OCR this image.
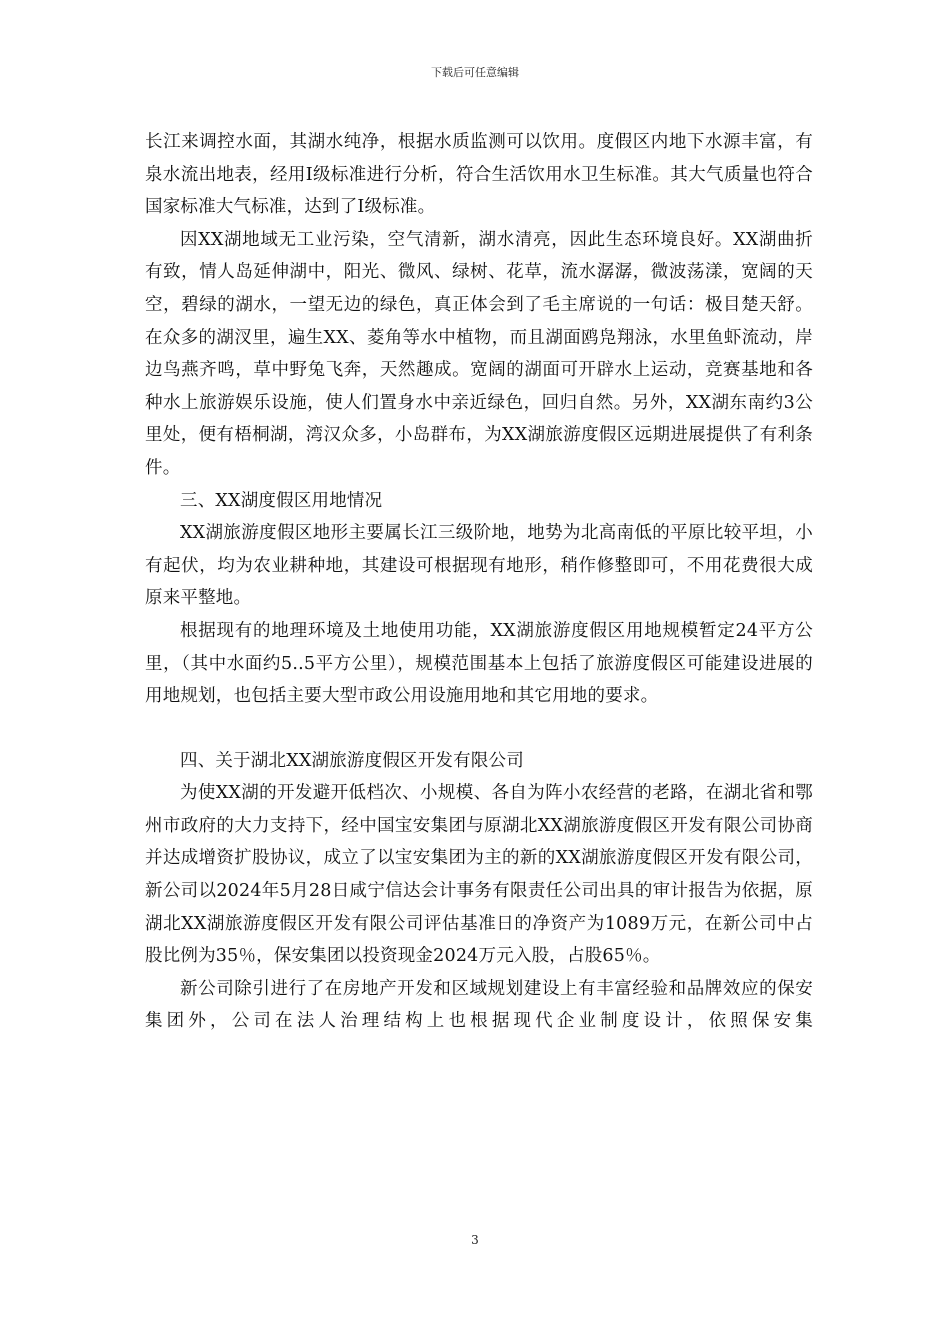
下载后可任意编辑

长江来调控水面，其湖水纯净，根据水质监测可以饮用。度假区内地下水源丰富，有泉水流出地表，经用Ⅰ级标准进行分析，符合生活饮用水卫生标准。其大气质量也符合国家标准大气标准，达到了Ⅰ级标准。

因XX湖地域无工业污染，空气清新，湖水清亮，因此生态环境良好。XX湖曲折有致，情人岛延伸湖中，阳光、微风、绿树、花草，流水潺潺，微波荡漾，宽阔的天空，碧绿的湖水，一望无边的绿色，真正体会到了毛主席说的一句话：极目楚天舒。在众多的湖汊里，遍生XX、菱角等水中植物，而且湖面鸥凫翔泳，水里鱼虾流动，岸边鸟燕齐鸣，草中野兔飞奔，天然趣成。宽阔的湖面可开辟水上运动，竞赛基地和各种水上旅游娱乐设施，使人们置身水中亲近绿色，回归自然。另外，XX湖东南约3公里处，便有梧桐湖，湾汉众多，小岛群布，为XX湖旅游度假区远期进展提供了有利条件。

三、XX湖度假区用地情况

XX湖旅游度假区地形主要属长江三级阶地，地势为北高南低的平原比较平坦，小有起伏，均为农业耕种地，其建设可根据现有地形，稍作修整即可，不用花费很大成原来平整地。

根据现有的地理环境及土地使用功能，XX湖旅游度假区用地规模暂定24平方公里，（其中水面约5..5平方公里），规模范围基本上包括了旅游度假区可能建设进展的用地规划，也包括主要大型市政公用设施用地和其它用地的要求。

四、关于湖北XX湖旅游度假区开发有限公司

为使XX湖的开发避开低档次、小规模、各自为阵小农经营的老路，在湖北省和鄂州市政府的大力支持下，经中国宝安集团与原湖北XX湖旅游度假区开发有限公司协商并达成增资扩股协议，成立了以宝安集团为主的新的XX湖旅游度假区开发有限公司，新公司以2024年5月28日咸宁信达会计事务有限责任公司出具的审计报告为依据，原湖北XX湖旅游度假区开发有限公司评估基准日的净资产为1089万元，在新公司中占股比例为35％，保安集团以投资现金2024万元入股，占股65％。

新公司除引进行了在房地产开发和区域规划建设上有丰富经验和品牌效应的保安集团外，公司在法人治理结构上也根据现代企业制度设计，依照保安集

3
